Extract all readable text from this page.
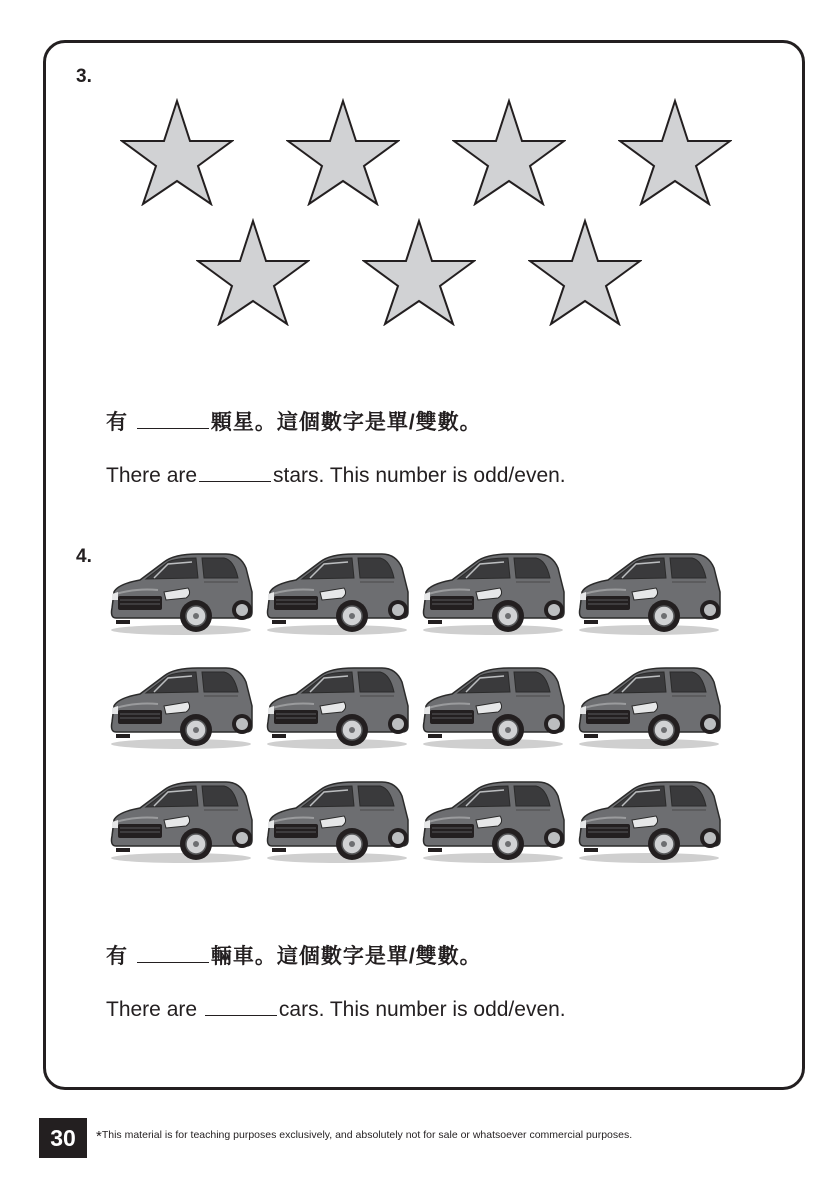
3.
有	顆星。這個數字是單/雙數。
There are	stars. This number is odd/even.
4.
有	輛車。這個數字是單/雙數。
There are	cars. This number is odd/even.
30	*This material is for teaching purposes exclusively, and absolutely not for sale or whatsoever commercial purposes.
